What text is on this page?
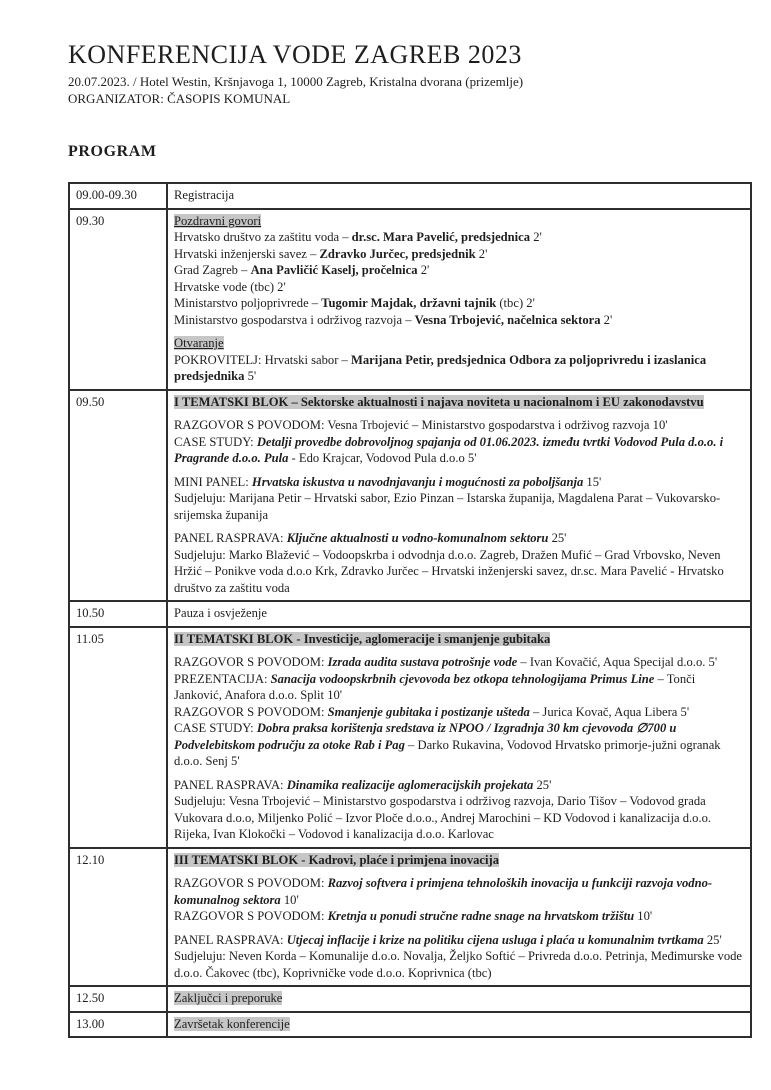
KONFERENCIJA VODE ZAGREB 2023
20.07.2023. / Hotel Westin, Kršnjavoga 1, 10000 Zagreb, Kristalna dvorana (prizemlje)
ORGANIZATOR: ČASOPIS KOMUNAL
PROGRAM
09.00-09.30	Registracija

09.30	Pozdravni govori
Hrvatsko društvo za zaštitu voda – dr.sc. Mara Pavelić, predsjednica 2'
Hrvatski inženjerski savez – Zdravko Jurčec, predsjednik 2'
Grad Zagreb – Ana Pavličić Kaselj, pročelnica 2'
Hrvatske vode (tbc) 2'
Ministarstvo poljoprivrede – Tugomir Majdak, državni tajnik (tbc) 2'
Ministarstvo gospodarstva i održivog razvoja – Vesna Trbojević, načelnica sektora 2'
Otvaranje
POKROVITELJ: Hrvatski sabor – Marijana Petir, predsjednica Odbora za poljoprivredu i izaslanica predsjednika 5'

09.50	I TEMATSKI BLOK – Sektorske aktualnosti i najava noviteta u nacionalnom i EU zakonodavstvu
RAZGOVOR S POVODOM: Vesna Trbojević – Ministarstvo gospodarstva i održivog razvoja 10'
CASE STUDY: Detalji provedbe dobrovoljnog spajanja od 01.06.2023. između tvrtki Vodovod Pula d.o.o. i Pragrande d.o.o. Pula - Edo Krajcar, Vodovod Pula d.o.o 5'
MINI PANEL: Hrvatska iskustva u navodnjavanju i mogućnosti za poboljšanja 15'
Sudjeluju: Marijana Petir – Hrvatski sabor, Ezio Pinzan – Istarska županija, Magdalena Parat – Vukovarsko-srijemska županija
PANEL RASPRAVA: Ključne aktualnosti u vodno-komunalnom sektoru 25'
Sudjeluju: Marko Blažević – Vodoopskrba i odvodnja d.o.o. Zagreb, Dražen Mufić – Grad Vrbovsko, Neven Hržić – Ponikve voda d.o.o Krk, Zdravko Jurčec – Hrvatski inženjerski savez, dr.sc. Mara Pavelić - Hrvatsko društvo za zaštitu voda

10.50	Pauza i osvježenje

11.05	II TEMATSKI BLOK - Investicije, aglomeracije i smanjenje gubitaka
RAZGOVOR S POVODOM: Izrada audita sustava potrošnje vode – Ivan Kovačić, Aqua Specijal d.o.o. 5'
PREZENTACIJA: Sanacija vodoopskrbnih cjevovoda bez otkopa tehnologijama Primus Line – Tonči Janković, Anafora d.o.o. Split 10'
RAZGOVOR S POVODOM: Smanjenje gubitaka i postizanje ušteda – Jurica Kovač, Aqua Libera 5'
CASE STUDY: Dobra praksa korištenja sredstava iz NPOO / Izgradnja 30 km cjevovoda ∅700 u Podvelebitskom području za otoke Rab i Pag – Darko Rukavina, Vodovod Hrvatsko primorje-južni ogranak d.o.o. Senj 5'
PANEL RASPRAVA: Dinamika realizacije aglomeracijskih projekata 25'
Sudjeluju: Vesna Trbojević – Ministarstvo gospodarstva i održivog razvoja, Dario Tišov – Vodovod grada Vukovara d.o.o, Miljenko Polić – Izvor Ploče d.o.o., Andrej Marochini – KD Vodovod i kanalizacija d.o.o. Rijeka, Ivan Klokočki – Vodovod i kanalizacija d.o.o. Karlovac

12.10	III TEMATSKI BLOK - Kadrovi, plaće i primjena inovacija
RAZGOVOR S POVODOM: Razvoj softvera i primjena tehnoloških inovacija u funkciji razvoja vodno-komunalnog sektora 10'
RAZGOVOR S POVODOM: Kretnja u ponudi stručne radne snage na hrvatskom tržištu 10'
PANEL RASPRAVA: Utjecaj inflacije i krize na politiku cijena usluga i plaća u komunalnim tvrtkama 25'
Sudjeluju: Neven Korda – Komunalije d.o.o. Novalja, Željko Softić – Privreda d.o.o. Petrinja, Međimurske vode d.o.o. Čakovec (tbc), Koprivničke vode d.o.o. Koprivnica (tbc)

12.50	Zaključci i preporuke

13.00	Završetak konferencije
